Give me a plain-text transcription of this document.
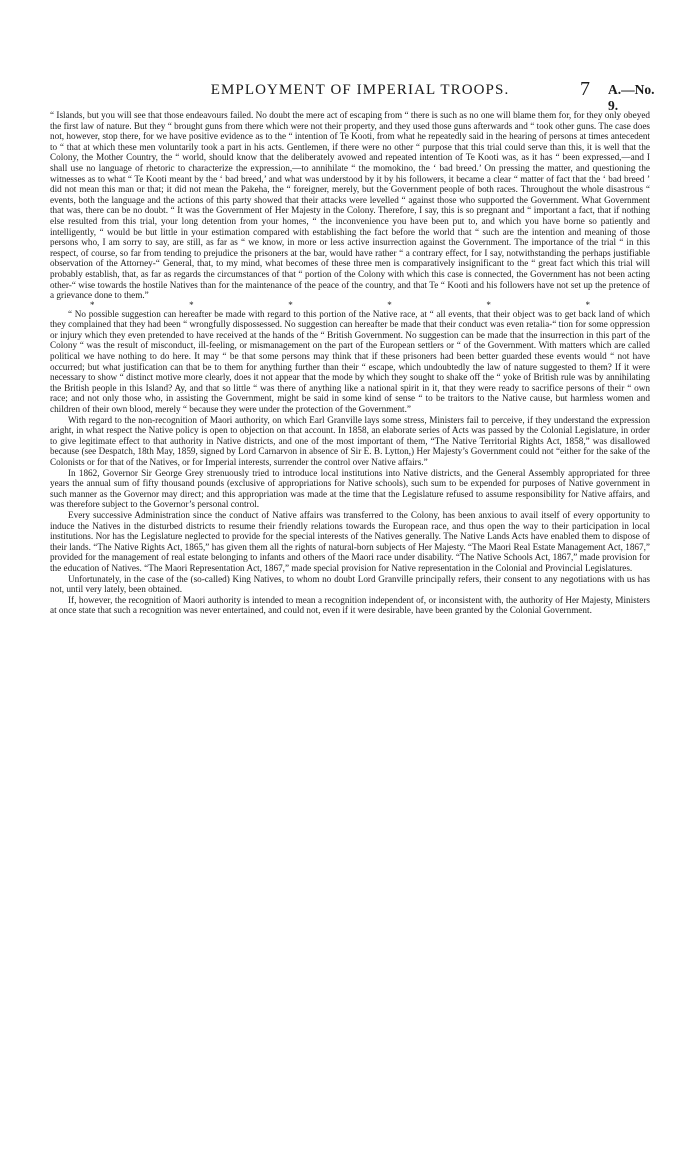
EMPLOYMENT OF IMPERIAL TROOPS.	7 A.—No. 9.

“ Islands, but you will see that those endeavours failed. No doubt the mere act of escaping from “ there is such as no one will blame them for, for they only obeyed the first law of nature. But they “ brought guns from there which were not their property, and they used those guns afterwards and “ took other guns. The case does not, however, stop there, for we have positive evidence as to the “ intention of Te Kooti, from what he repeatedly said in the hearing of persons at times antecedent to “ that at which these men voluntarily took a part in his acts. Gentlemen, if there were no other “ purpose that this trial could serve than this, it is well that the Colony, the Mother Country, the “ world, should know that the deliberately avowed and repeated intention of Te Kooti was, as it has “ been expressed,—and I shall use no language of rhetoric to characterize the expression,—to annihilate “ the momokino, the ‘ bad breed.’ On pressing the matter, and questioning the witnesses as to what “ Te Kooti meant by the ‘ bad breed,’ and what was understood by it by his followers, it became a clear “ matter of fact that the ‘ bad breed ’ did not mean this man or that; it did not mean the Pakeha, the “ foreigner, merely, but the Government people of both races. Throughout the whole disastrous “ events, both the language and the actions of this party showed that their attacks were levelled “ against those who supported the Government. What Government that was, there can be no doubt. “ It was the Government of Her Majesty in the Colony. Therefore, I say, this is so pregnant and “ important a fact, that if nothing else resulted from this trial, your long detention from your homes, “ the inconvenience you have been put to, and which you have borne so patiently and intelligently, “ would be but little in your estimation compared with establishing the fact before the world that “ such are the intention and meaning of those persons who, I am sorry to say, are still, as far as “ we know, in more or less active insurrection against the Government. The importance of the trial “ in this respect, of course, so far from tending to prejudice the prisoners at the bar, would have rather “ a contrary effect, for I say, notwithstanding the perhaps justifiable observation of the Attorney-“ General, that, to my mind, what becomes of these three men is comparatively insignificant to the “ great fact which this trial will probably establish, that, as far as regards the circumstances of that “ portion of the Colony with which this case is connected, the Government has not been acting other-“ wise towards the hostile Natives than for the maintenance of the peace of the country, and that Te “ Kooti and his followers have not set up the pretence of a grievance done to them.”

*	*	*	*	*	*

“ No possible suggestion can hereafter be made with regard to this portion of the Native race, at “ all events, that their object was to get back land of which they complained that they had been “ wrongfully dispossessed. No suggestion can hereafter be made that their conduct was even retalia-“ tion for some oppression or injury which they even pretended to have received at the hands of the “ British Government. No suggestion can be made that the insurrection in this part of the Colony “ was the result of misconduct, ill-feeling, or mismanagement on the part of the European settlers or “ of the Government. With matters which are called political we have nothing to do here. It may “ be that some persons may think that if these prisoners had been better guarded these events would “ not have occurred; but what justification can that be to them for anything further than their “ escape, which undoubtedly the law of nature suggested to them? If it were necessary to show “ distinct motive more clearly, does it not appear that the mode by which they sought to shake off the “ yoke of British rule was by annihilating the British people in this Island? Ay, and that so little “ was there of anything like a national spirit in it, that they were ready to sacrifice persons of their “ own race; and not only those who, in assisting the Government, might be said in some kind of sense “ to be traitors to the Native cause, but harmless women and children of their own blood, merely “ because they were under the protection of the Government.”

With regard to the non-recognition of Maori authority, on which Earl Granville lays some stress, Ministers fail to perceive, if they understand the expression aright, in what respect the Native policy is open to objection on that account. In 1858, an elaborate series of Acts was passed by the Colonial Legislature, in order to give legitimate effect to that authority in Native districts, and one of the most important of them, “The Native Territorial Rights Act, 1858,” was disallowed because (see Despatch, 18th May, 1859, signed by Lord Carnarvon in absence of Sir E. B. Lytton,) Her Majesty’s Government could not “either for the sake of the Colonists or for that of the Natives, or for Imperial interests, surrender the control over Native affairs.”

In 1862, Governor Sir George Grey strenuously tried to introduce local institutions into Native districts, and the General Assembly appropriated for three years the annual sum of fifty thousand pounds (exclusive of appropriations for Native schools), such sum to be expended for purposes of Native government in such manner as the Governor may direct; and this appropriation was made at the time that the Legislature refused to assume responsibility for Native affairs, and was therefore subject to the Governor’s personal control.

Every successive Administration since the conduct of Native affairs was transferred to the Colony, has been anxious to avail itself of every opportunity to induce the Natives in the disturbed districts to resume their friendly relations towards the European race, and thus open the way to their participation in local institutions. Nor has the Legislature neglected to provide for the special interests of the Natives generally. The Native Lands Acts have enabled them to dispose of their lands. “The Native Rights Act, 1865,” has given them all the rights of natural-born subjects of Her Majesty. “The Maori Real Estate Management Act, 1867,” provided for the management of real estate belonging to infants and others of the Maori race under disability. “The Native Schools Act, 1867,” made provision for the education of Natives. “The Maori Representation Act, 1867,” made special provision for Native representation in the Colonial and Provincial Legislatures.

Unfortunately, in the case of the (so-called) King Natives, to whom no doubt Lord Granville principally refers, their consent to any negotiations with us has not, until very lately, been obtained.

If, however, the recognition of Maori authority is intended to mean a recognition independent of, or inconsistent with, the authority of Her Majesty, Ministers at once state that such a recognition was never entertained, and could not, even if it were desirable, have been granted by the Colonial Government.
